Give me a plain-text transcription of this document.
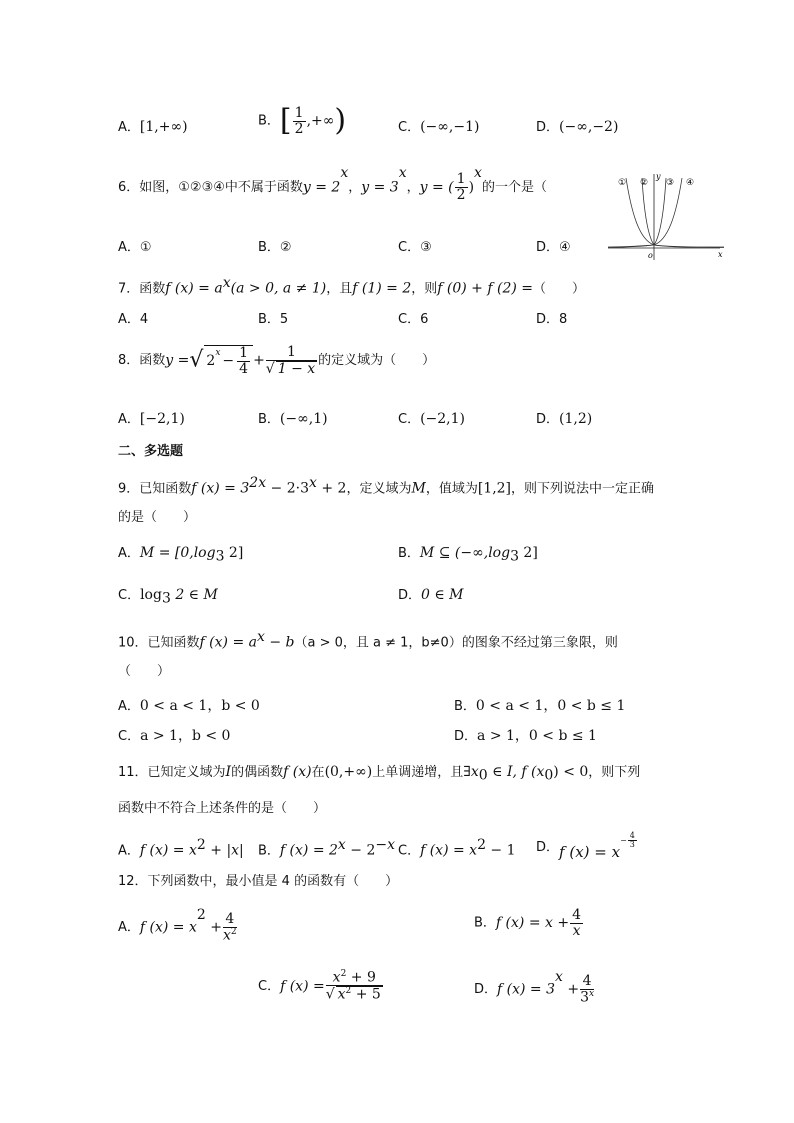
A．[1,+∞)	B．[ $\frac{1}{2}$ ,+∞)	C．(−∞,−1)	D．(−∞,−2)
6．如图，①②③④中不属于函数$y = 2^x$，$y = 3^x$，y = ( $\frac{1}{2} )^x$的一个是（	① ②
y
③ ④
x
o
A．①	B．②	C．③	D．④
7．函数f $(x) = a^x(a > 0$, a ≠ 1)，且f (1) = 2，则f (0) + f (2) =（　　）
A．4	B．5	C．6	D．8
8．函数y =√ $2^x - \frac{1}{4} + \frac{1}{√ 1 - x}$ 的定义域为（　　）
A．[−2,1)	B．(−∞,1)	C．(−2,1)	D．(1,2)
二、多选题
9．已知函数f $(x) = 3^{2x} - 2\cdot 3^x + 2$，定义域为M，值域为[1,2]，则下列说法中一定正确
的是（　　）
A．$M = [0,\log_3$ 2]	B．M ⊆ ($-\infty,\log_3$ 2]
C．$\log_3 2$ ∈ M	D．0 ∈ M
10．已知函数f $(x) = a^x - b(a > 0$，且 a ≠ 1，b≠0）的图象不经过第三象限，则
（　　）
A．0 < a < 1，b < 0	B．0 < a < 1，0 < b ≤ 1
C．a > 1，b < 0	D．a > 1，0 < b ≤ 1
11．已知定义域为I的偶函数f (x)在(0,+∞)上单调递增，且$\exists x_0$ ∈ I, f $(x_0) < 0$，则下列
函数中不符合上述条件的是（　　）
A．f $(x) = x^2 + |x|$ B．f $(x) = 2^x - 2^{-x}$ C．f $(x) = x^2 - 1$ D．f $(x) = x- \frac{4}{3}$
12．下列函数中，最小值是 4 的函数有（　　）
A．f $(x) = x^2 + \frac{4}{x^2}$	B．f $(x) = x + \frac{4}{x}$
C．f $(x) = \frac{x^2 + 9}{√ x^2 + 5}$	D．f $(x) = 3^x + \frac{4}{3^x}$
